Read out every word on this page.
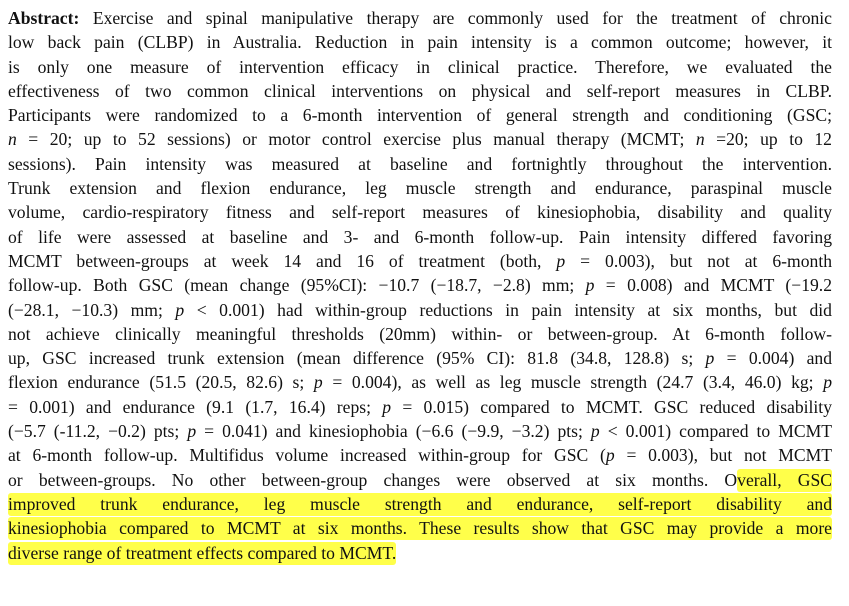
Abstract: Exercise and spinal manipulative therapy are commonly used for the treatment of chronic
low back pain (CLBP) in Australia. Reduction in pain intensity is a common outcome; however, it
is only one measure of intervention efficacy in clinical practice. Therefore, we evaluated the
effectiveness of two common clinical interventions on physical and self-report measures in CLBP.
Participants were randomized to a 6-month intervention of general strength and conditioning (GSC;
n = 20; up to 52 sessions) or motor control exercise plus manual therapy (MCMT; n =20; up to 12
sessions). Pain intensity was measured at baseline and fortnightly throughout the intervention.
Trunk extension and flexion endurance, leg muscle strength and endurance, paraspinal muscle
volume, cardio-respiratory fitness and self-report measures of kinesiophobia, disability and quality
of life were assessed at baseline and 3- and 6-month follow-up. Pain intensity differed favoring
MCMT between-groups at week 14 and 16 of treatment (both, p = 0.003), but not at 6-month
follow-up. Both GSC (mean change (95%CI): −10.7 (−18.7, −2.8) mm; p = 0.008) and MCMT (−19.2
(−28.1, −10.3) mm; p < 0.001) had within-group reductions in pain intensity at six months, but did
not achieve clinically meaningful thresholds (20mm) within- or between-group. At 6-month follow-
up, GSC increased trunk extension (mean difference (95% CI): 81.8 (34.8, 128.8) s; p = 0.004) and
flexion endurance (51.5 (20.5, 82.6) s; p = 0.004), as well as leg muscle strength (24.7 (3.4, 46.0) kg; p
= 0.001) and endurance (9.1 (1.7, 16.4) reps; p = 0.015) compared to MCMT. GSC reduced disability
(−5.7 (-11.2, −0.2) pts; p = 0.041) and kinesiophobia (−6.6 (−9.9, −3.2) pts; p < 0.001) compared to MCMT
at 6-month follow-up. Multifidus volume increased within-group for GSC (p = 0.003), but not MCMT
or between-groups. No other between-group changes were observed at six months. Overall, GSC
improved trunk endurance, leg muscle strength and endurance, self-report disability and
kinesiophobia compared to MCMT at six months. These results show that GSC may provide a more
diverse range of treatment effects compared to MCMT.
